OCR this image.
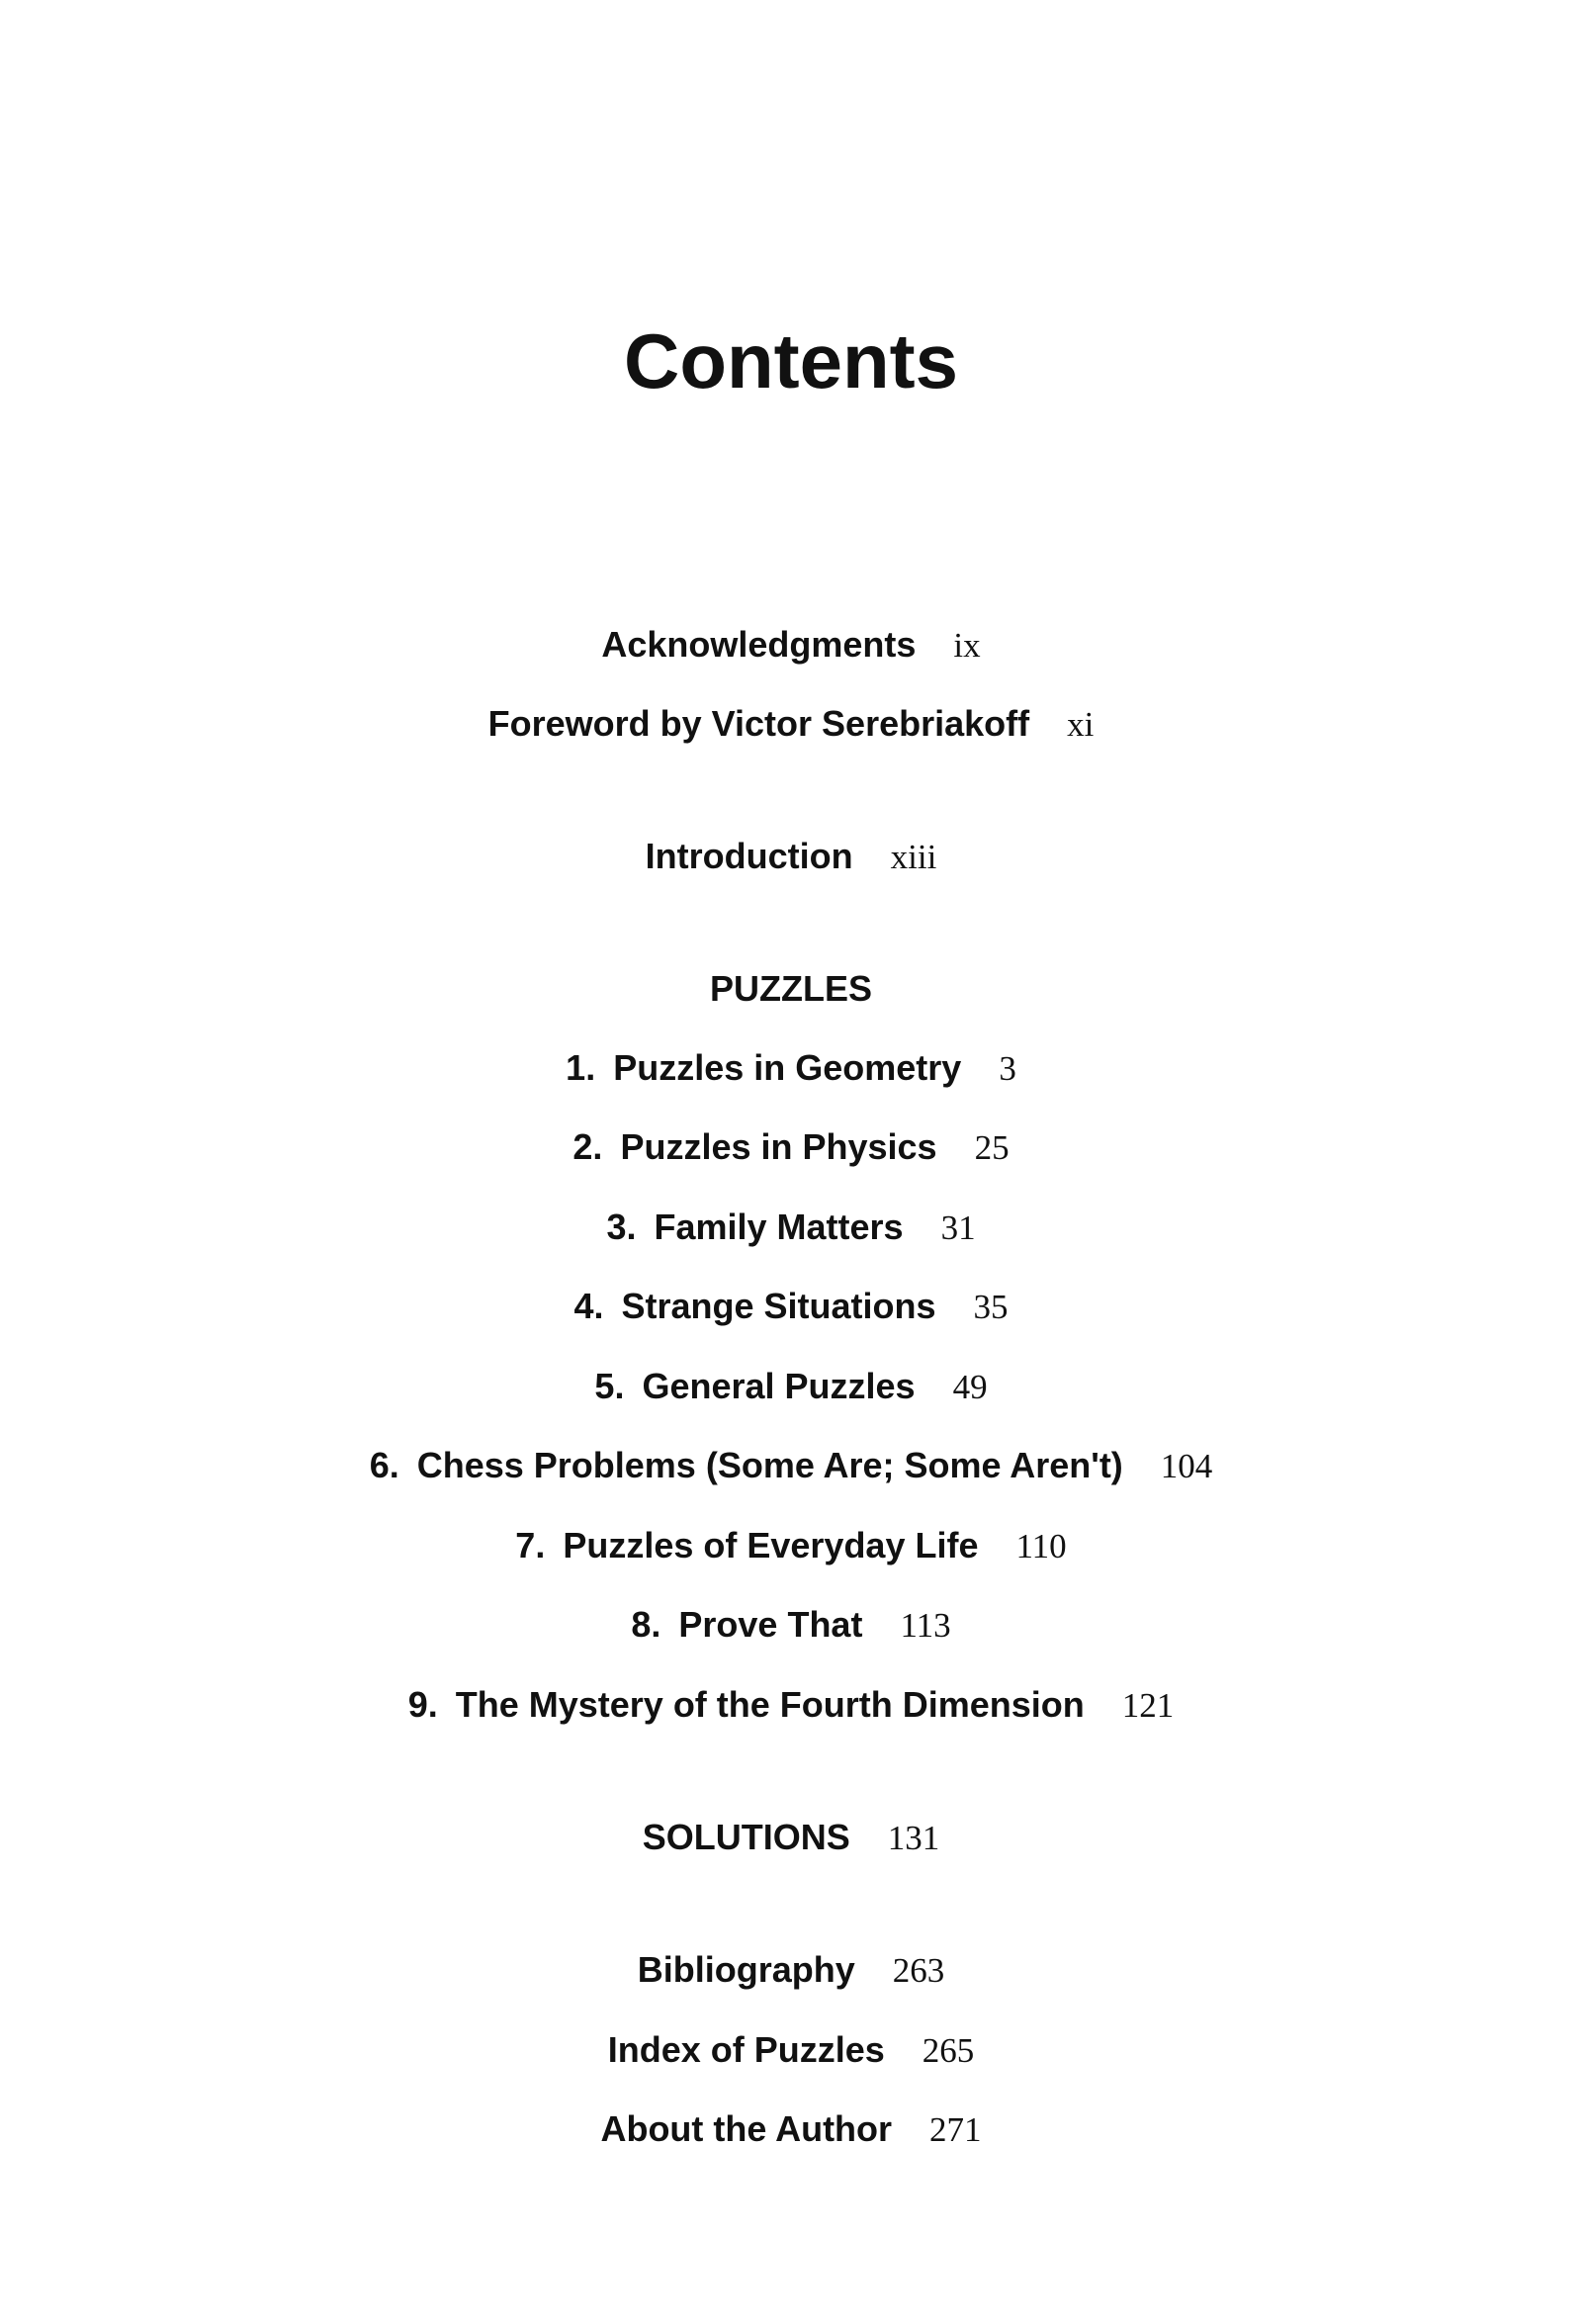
Contents
Acknowledgments ix
Foreword by Victor Serebriakoff xi
Introduction xiii
PUZZLES
1. Puzzles in Geometry 3
2. Puzzles in Physics 25
3. Family Matters 31
4. Strange Situations 35
5. General Puzzles 49
6. Chess Problems (Some Are; Some Aren't) 104
7. Puzzles of Everyday Life 110
8. Prove That 113
9. The Mystery of the Fourth Dimension 121
SOLUTIONS 131
Bibliography 263
Index of Puzzles 265
About the Author 271
